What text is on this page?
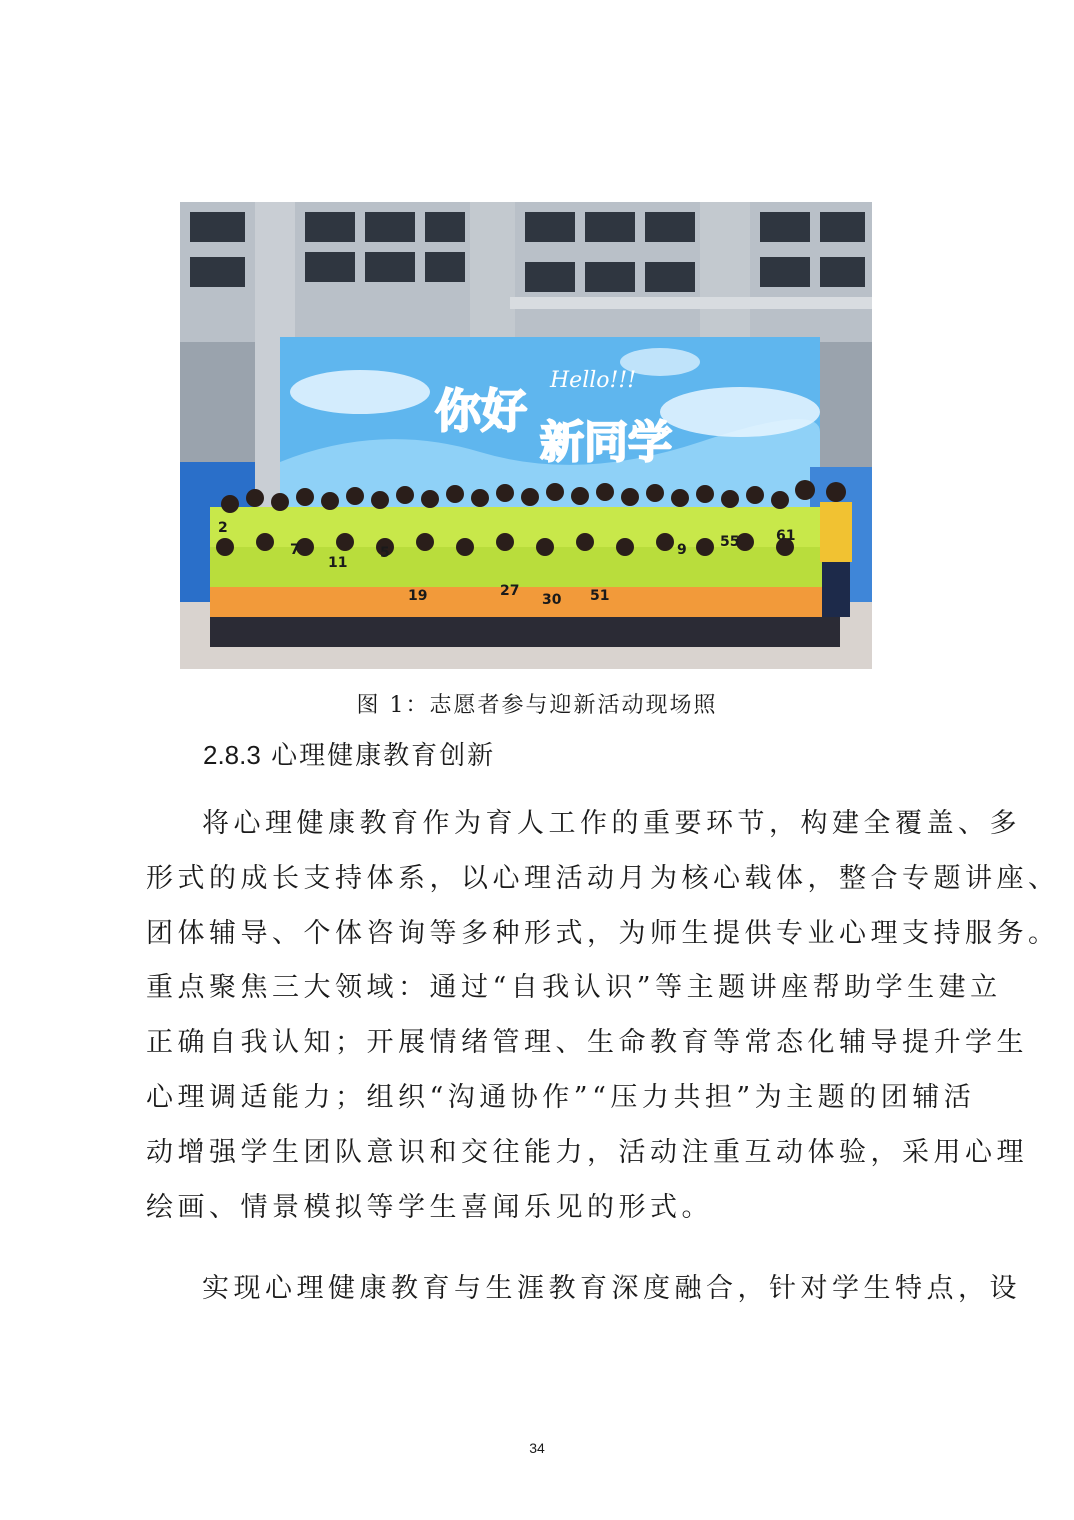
你好
新同学
Hello!!!
2
7
11
5
19	27
30 51
9 55	61
图 1：志愿者参与迎新活动现场照
2.8.3 心理健康教育创新
将心理健康教育作为育人工作的重要环节，构建全覆盖、多
形式的成长支持体系，以心理活动月为核心载体，整合专题讲座、
团体辅导、个体咨询等多种形式，为师生提供专业心理支持服务。
重点聚焦三大领域：通过“自我认识”等主题讲座帮助学生建立
正确自我认知；开展情绪管理、生命教育等常态化辅导提升学生
心理调适能力；组织“沟通协作”“压力共担”为主题的团辅活
动增强学生团队意识和交往能力，活动注重互动体验，采用心理
绘画、情景模拟等学生喜闻乐见的形式。
实现心理健康教育与生涯教育深度融合，针对学生特点，设
34
